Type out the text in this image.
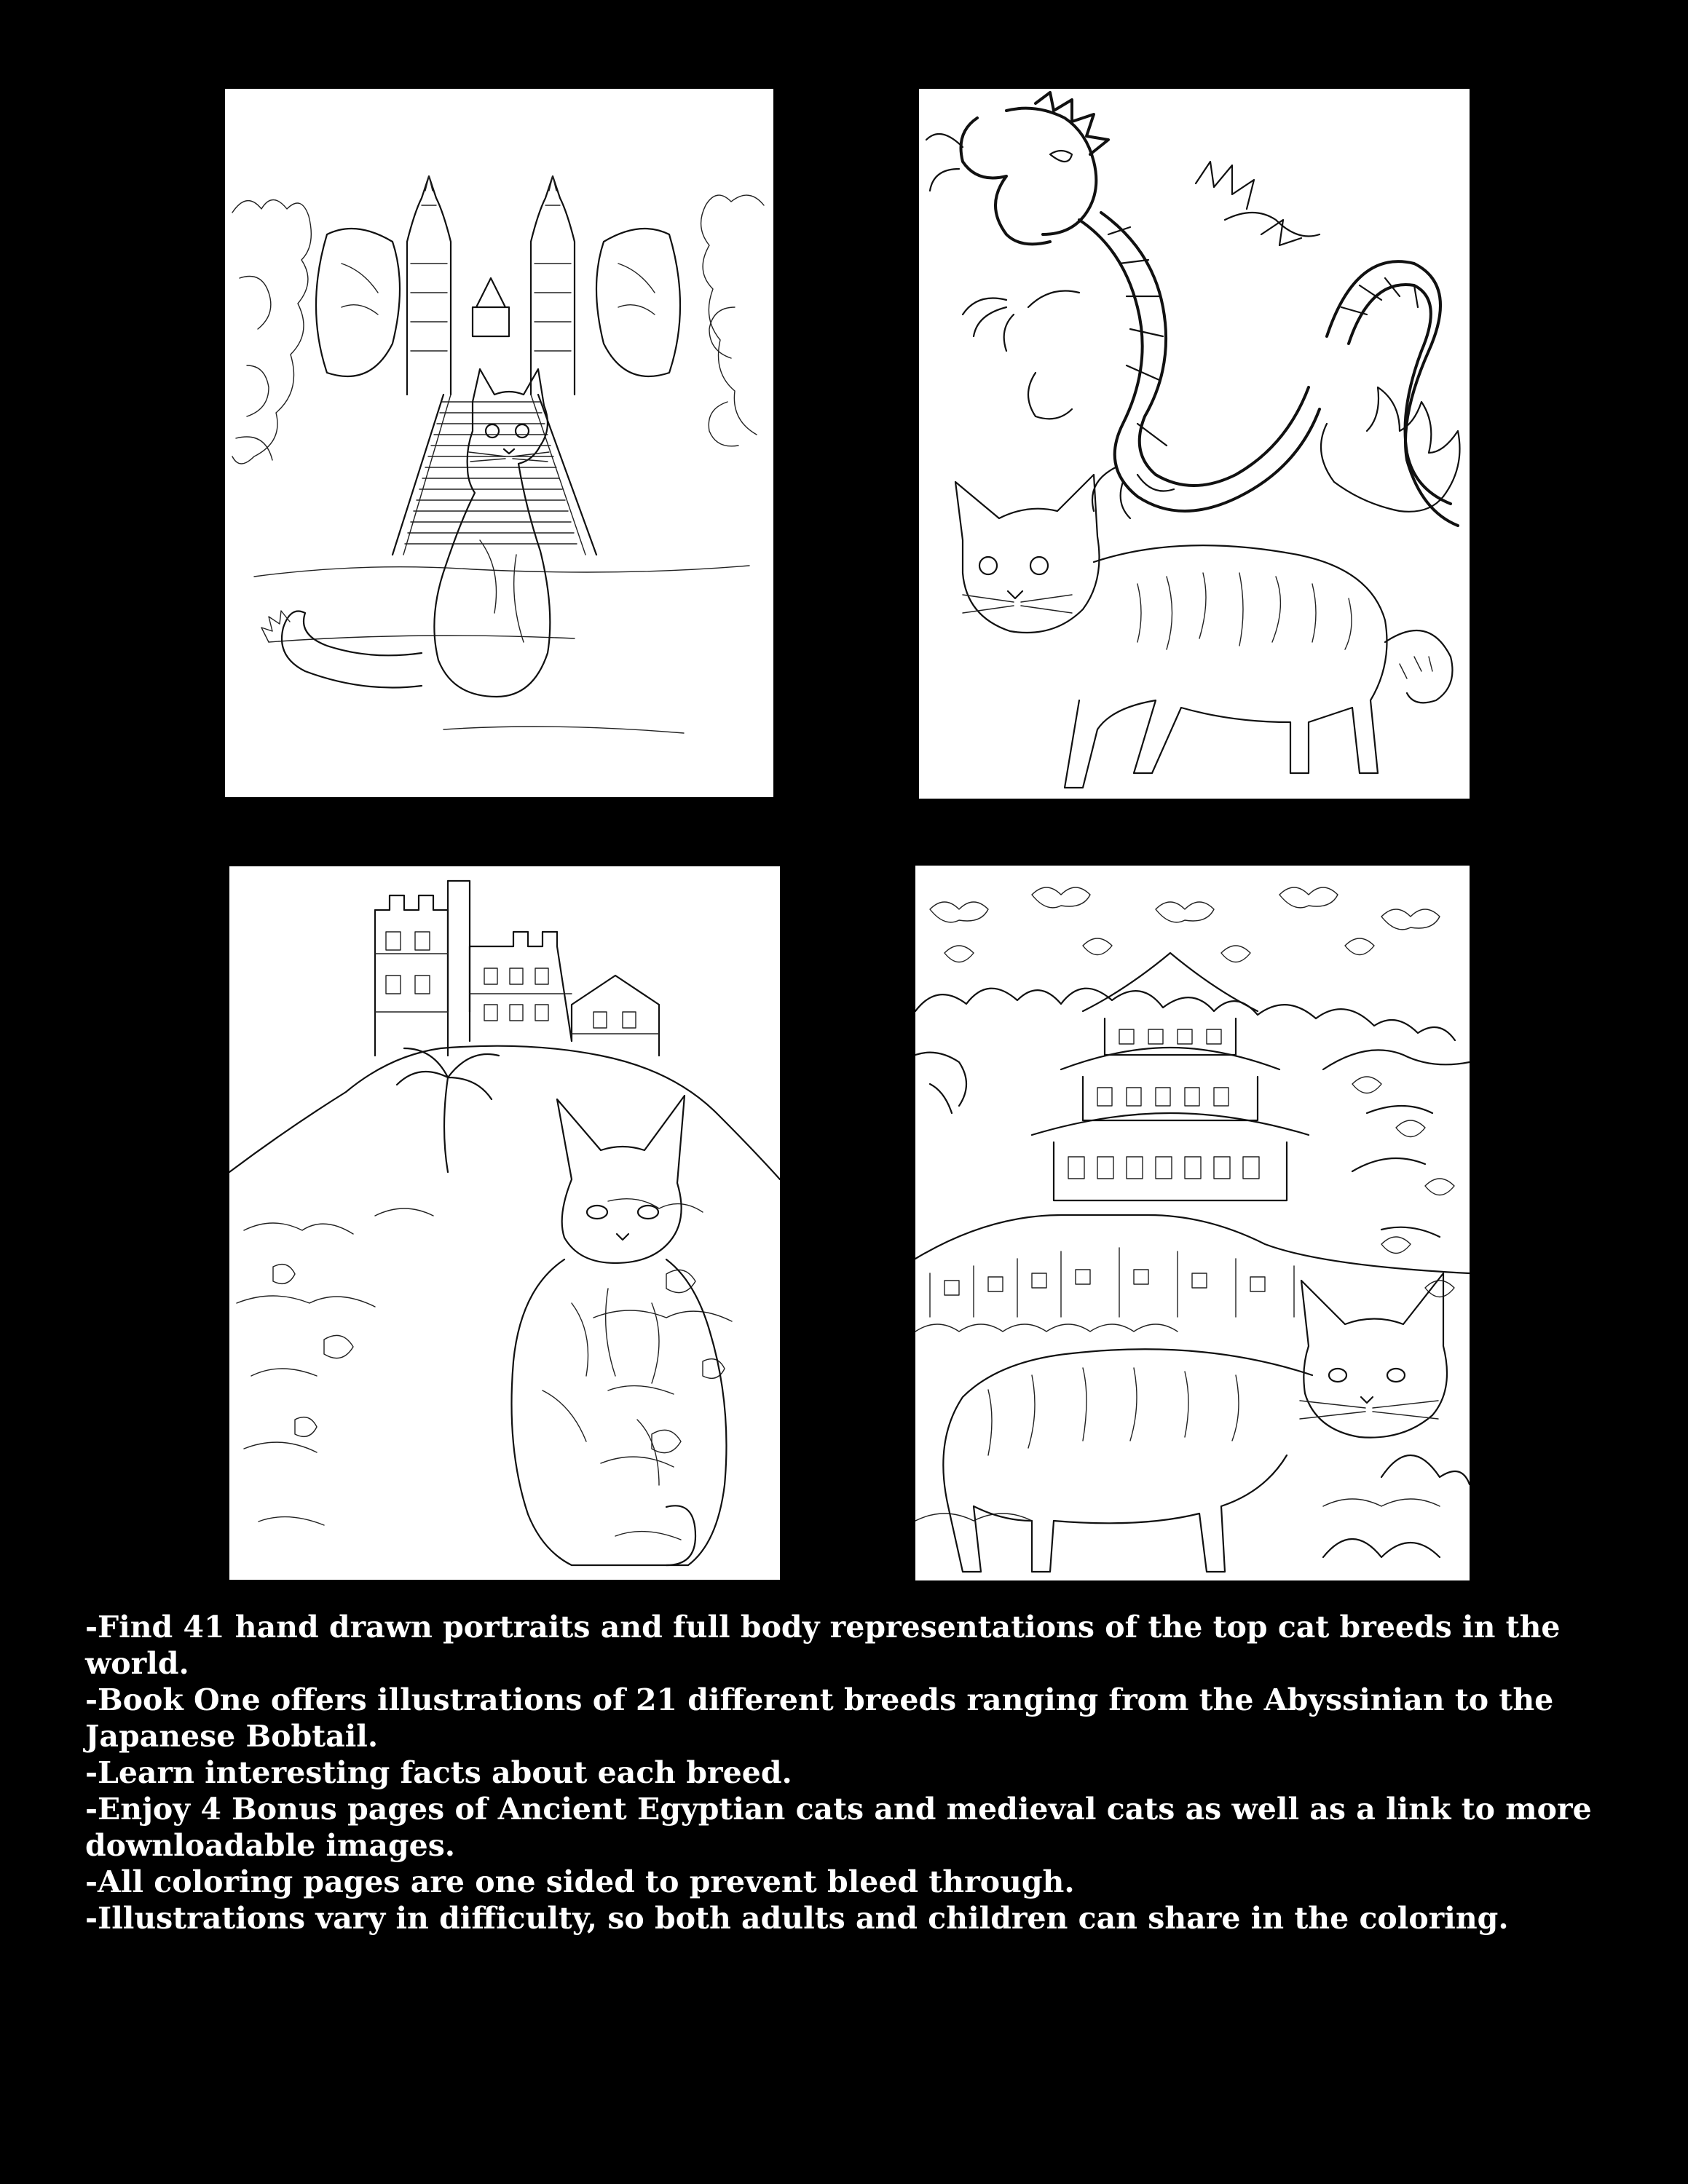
-Find 41 hand drawn portraits and full body representations of the top cat breeds in the world.

-Book One offers illustrations of 21 different breeds ranging from the Abyssinian to the Japanese Bobtail.

-Learn interesting facts about each breed.

-Enjoy 4 Bonus pages of Ancient Egyptian cats and medieval cats as well as a link to more downloadable images.

-All coloring pages are one sided to prevent bleed through.

-Illustrations vary in difficulty, so both adults and children can share in the coloring.
